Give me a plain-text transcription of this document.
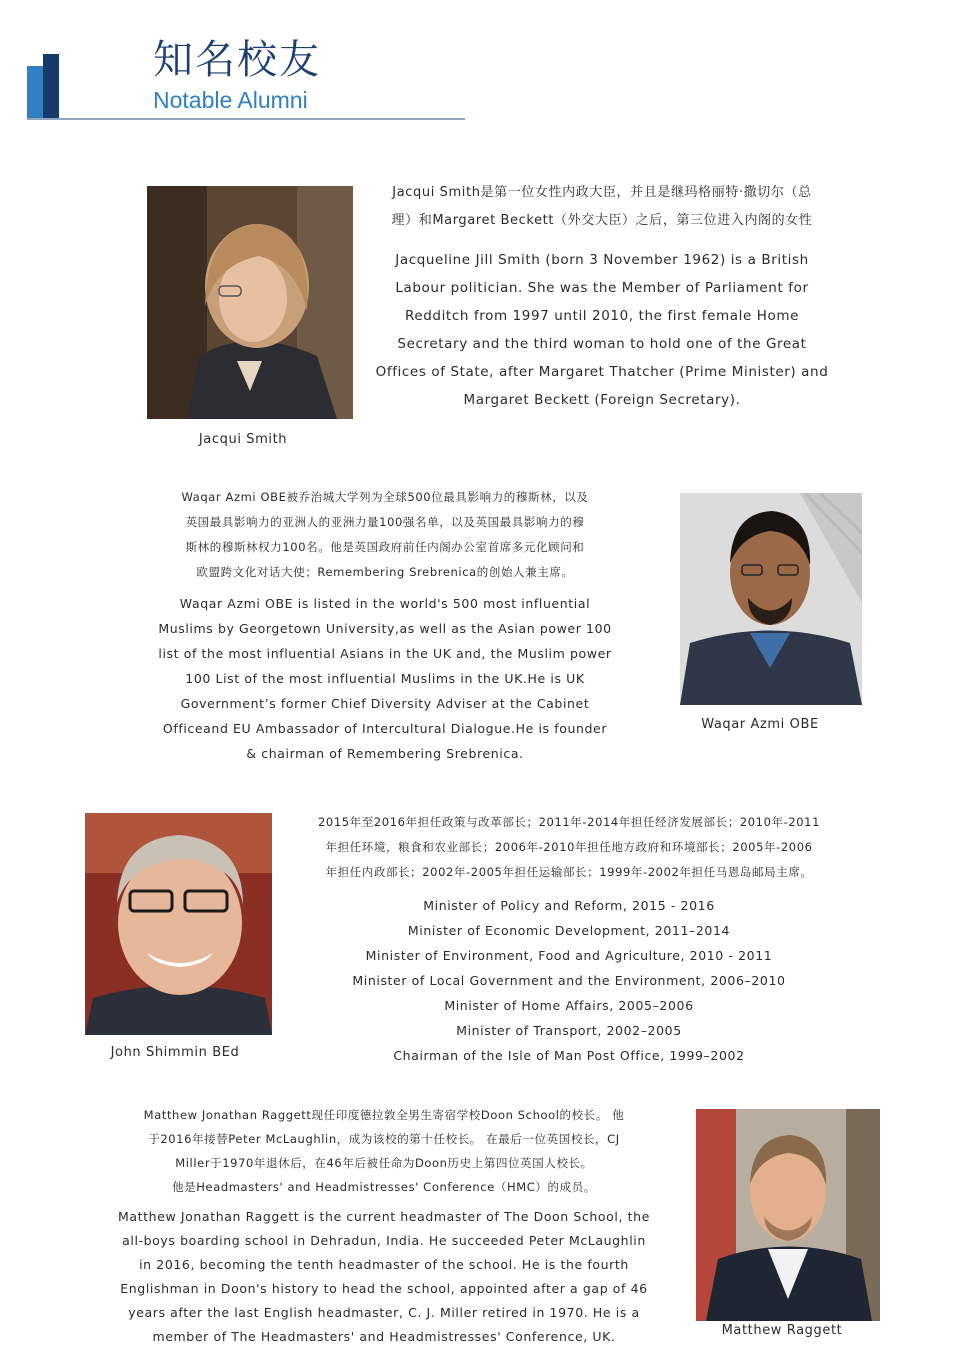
知名校友
Notable Alumni
Jacqui Smith
Jacqui Smith是第一位女性内政大臣，并且是继玛格丽特·撒切尔（总
理）和Margaret Beckett（外交大臣）之后，第三位进入内阁的女性
Jacqueline Jill Smith (born 3 November 1962) is a British
Labour politician. She was the Member of Parliament for
Redditch from 1997 until 2010, the first female Home
Secretary and the third woman to hold one of the Great
Offices of State, after Margaret Thatcher (Prime Minister) and
Margaret Beckett (Foreign Secretary).
Waqar Azmi OBE被乔治城大学列为全球500位最具影响力的穆斯林，以及
英国最具影响力的亚洲人的亚洲力量100强名单，以及英国最具影响力的穆
斯林的穆斯林权力100名。他是英国政府前任内阁办公室首席多元化顾问和
欧盟跨文化对话大使；Remembering Srebrenica的创始人兼主席。
Waqar Azmi OBE is listed in the world's 500 most influential
Muslims by Georgetown University,as well as the Asian power 100
list of the most influential Asians in the UK and, the Muslim power
100 List of the most influential Muslims in the UK.He is UK
Government’s former Chief Diversity Adviser at the Cabinet
Officeand EU Ambassador of Intercultural Dialogue.He is founder
& chairman of Remembering Srebrenica.
Waqar Azmi OBE
John Shimmin BEd
2015年至2016年担任政策与改革部长；2011年-2014年担任经济发展部长；2010年-2011
年担任环境，粮食和农业部长；2006年-2010年担任地方政府和环境部长；2005年-2006
年担任内政部长；2002年-2005年担任运输部长；1999年-2002年担任马恩岛邮局主席。
Minister of Policy and Reform, 2015 - 2016
Minister of Economic Development, 2011–2014
Minister of Environment, Food and Agriculture, 2010 - 2011
Minister of Local Government and the Environment, 2006–2010
Minister of Home Affairs, 2005–2006
Minister of Transport, 2002–2005
Chairman of the Isle of Man Post Office, 1999–2002
Matthew Jonathan Raggett现任印度德拉敦全男生寄宿学校Doon School的校长。 他
于2016年接替Peter McLaughlin，成为该校的第十任校长。 在最后一位英国校长，CJ
Miller于1970年退休后，在46年后被任命为Doon历史上第四位英国人校长。
他是Headmasters' and Headmistresses' Conference（HMC）的成员。
Matthew Jonathan Raggett is the current headmaster of The Doon School, the
all-boys boarding school in Dehradun, India. He succeeded Peter McLaughlin
in 2016, becoming the tenth headmaster of the school. He is the fourth
Englishman in Doon's history to head the school, appointed after a gap of 46
years after the last English headmaster, C. J. Miller retired in 1970. He is a
member of The Headmasters' and Headmistresses' Conference, UK.	Matthew Raggett
